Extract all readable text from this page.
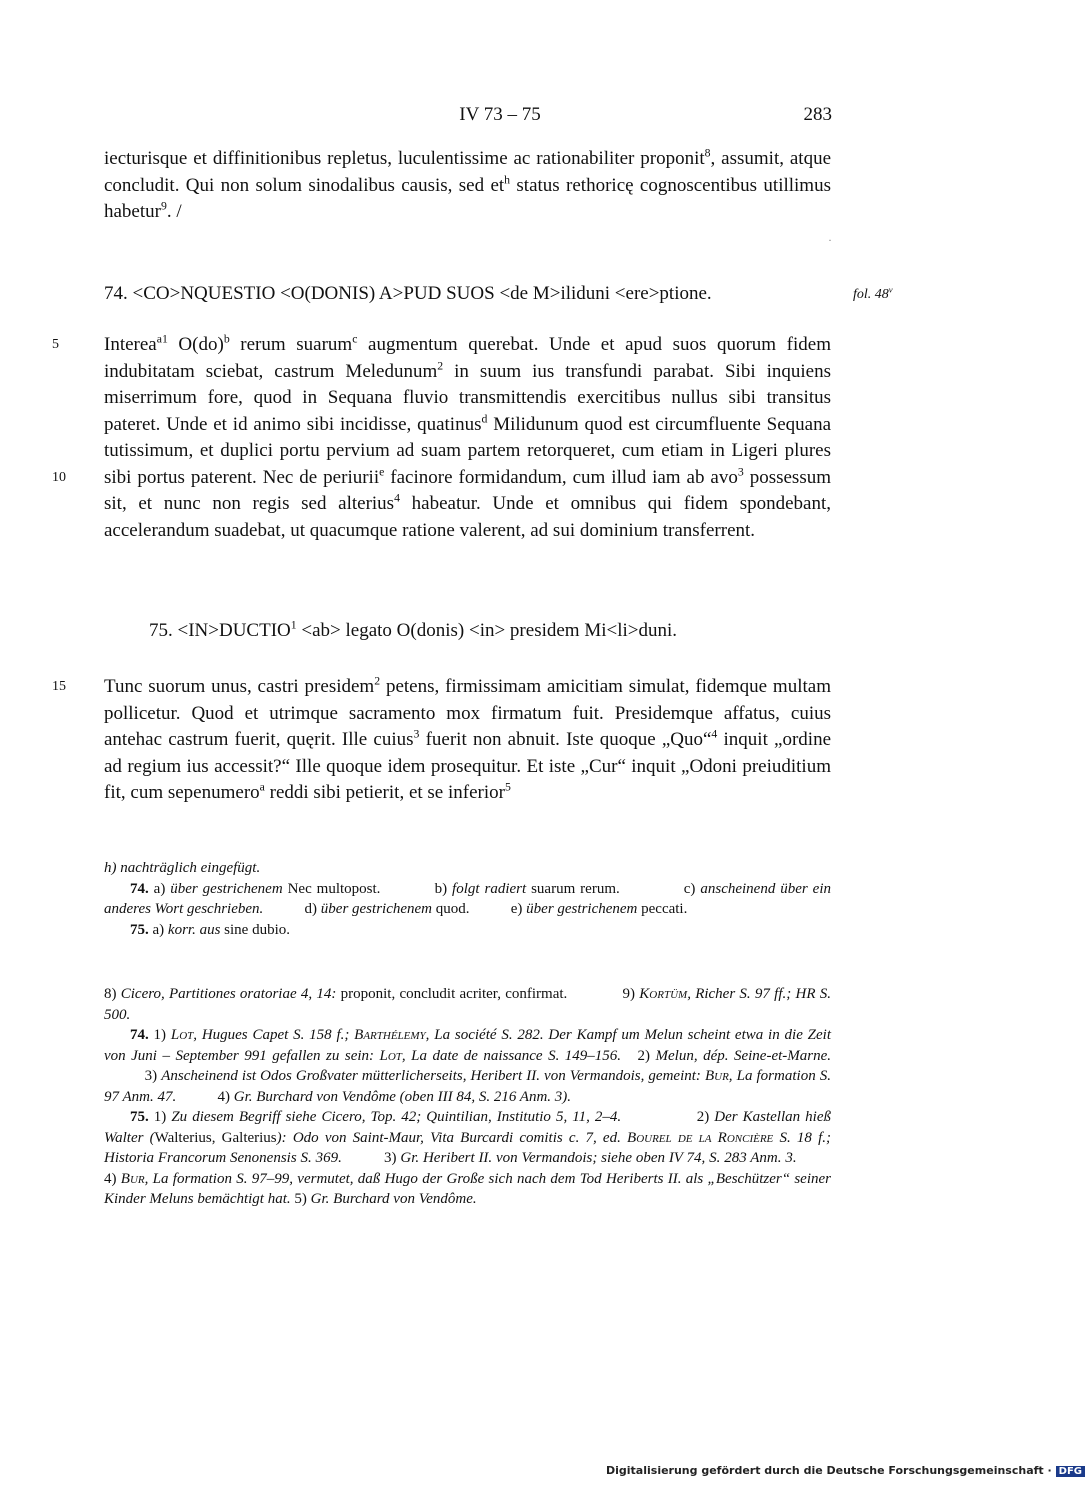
IV 73 – 75	283

iecturisque et diffinitionibus repletus, luculentissime ac rationabiliter proponit$^8$, assumit, atque concludit. Qui non solum sinodalibus causis, sed $et^h$ status rethoricę cognoscentibus utillimus habetur$^9$. /

·
74. <CO>NQUESTIO <O(DONIS) A>PUD SUOS <de M>iliduni <ere>ptione.	fol. 48$^v$
5
10

Interea$^{a1}$ O(do)$^b$ rerum suarum$^c$ augmentum querebat. Unde et apud suos quorum fidem indubitatam sciebat, castrum Meledunum$^2$ in suum ius transfundi parabat. Sibi inquiens miserrimum fore, quod in Sequana fluvio transmittendis exercitibus nullus sibi transitus pateret. Unde et id animo sibi incidisse, quatinus$^d$ Milidunum quod est circumfluente Sequana tutissimum, et duplici portu pervium ad suam partem retorqueret, cum etiam in Ligeri plures sibi portus paterent. Nec de periurii$^e$ facinore formidandum, cum illud iam ab avo$^3$ possessum sit, et nunc non regis sed alterius$^4$ habeatur. Unde et omnibus qui fidem spondebant, accelerandum suadebat, ut quacumque ratione valerent, ad sui dominium transferrent.

75. $<IN>DUCTIO^1 <ab>$ legato O(donis) <in> presidem Mi<li>duni.
15	Tunc suorum unus, castri presidem$^2$ petens, firmissimam amicitiam simulat, fidemque multam pollicetur. Quod et utrimque sacramento mox firmatum fuit. Presidemque affatus, cuius antehac castrum fuerit, quęrit. Ille cuius$^3$ fuerit non abnuit. Iste quoque „Quo“$^4$ inquit „ordine ad regium ius accessit?“ Ille quoque idem prosequitur. Et iste „Cur“ inquit „Odoni preiuditium fit, cum sepenumero$^a$ reddi sibi petierit, et se inferior$^5$

h) nachträglich eingefügt.

74. a) über gestrichenem Nec multopost.           b) folgt radiert suarum rerum.             c) anscheinend über ein anderes Wort geschrieben.           d) über gestrichenem quod.           e) über gestrichenem peccati.

75. a) korr. aus sine dubio.

8) Cicero, Partitiones oratoriae 4, 14: proponit, concludit acriter, confirmat.             9) Kortüm, Richer S. 97 ff.; HR S. 500.

74. 1) Lot, Hugues Capet S. 158 f.; Barthélemy, La société S. 282. Der Kampf um Melun scheint etwa in die Zeit von Juni – September 991 gefallen zu sein: Lot, La date de naissance S. 149–156.   2) Melun, dép. Seine-et-Marne.           3) Anscheinend ist Odos Großvater mütterlicherseits, Heribert II. von Vermandois, gemeint: Bur, La formation S. 97 Anm. 47.           4) Gr. Burchard von Vendôme (oben III 84, S. 216 Anm. 3).

75. 1) Zu diesem Begriff siehe Cicero, Top. 42; Quintilian, Institutio 5, 11, 2–4.               2) Der Kastellan hieß Walter (Walterius, Galterius): Odo von Saint-Maur, Vita Burcardi comitis c. 7, ed. Bourel de la Roncière S. 18 f.; Historia Francorum Senonensis S. 369.           3) Gr. Heribert II. von Vermandois; siehe oben IV 74, S. 283 Anm. 3.          4) Bur, La formation S. 97–99, vermutet, daß Hugo der Große sich nach dem Tod Heriberts II. als „Beschützer“ seiner Kinder Meluns bemächtigt hat. 5) Gr. Burchard von Vendôme.

Digitalisierung gefördert durch die Deutsche Forschungsgemeinschaft · DFG
